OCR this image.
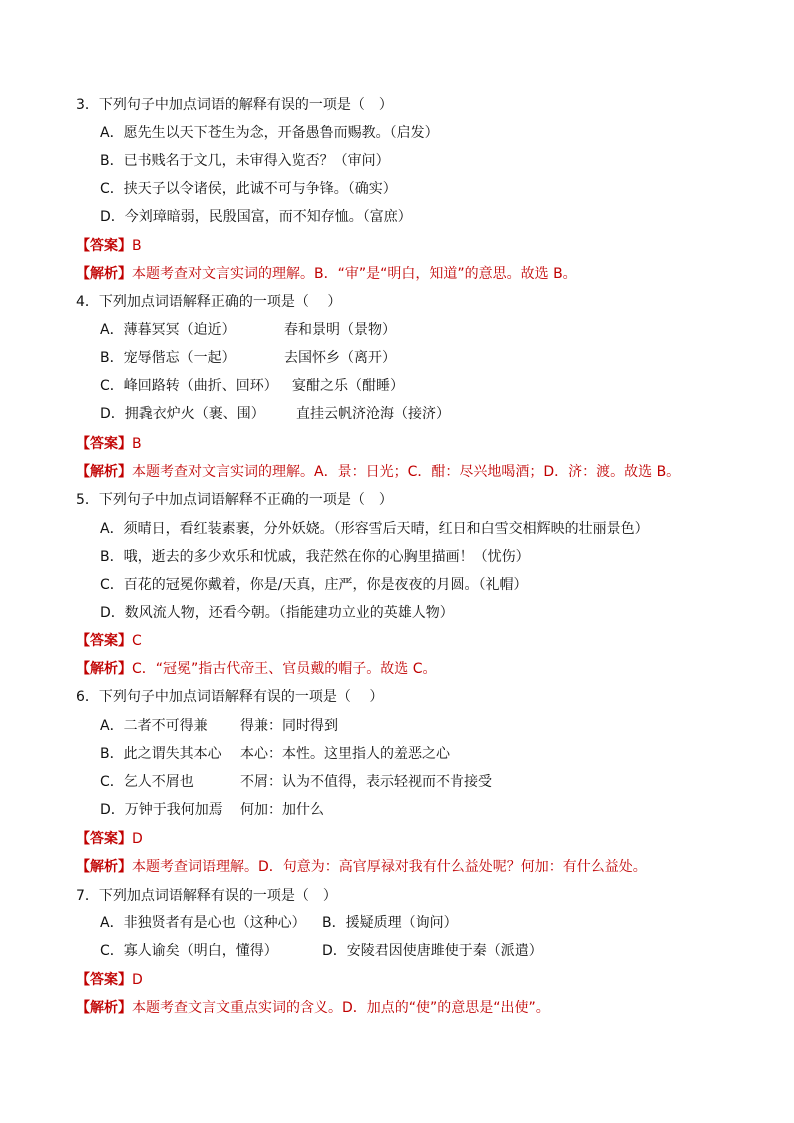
3．下列句子中加点词语的解释有误的一项是（　）
A．愿先生以天下苍生为念，开备愚鲁而赐教。（启发）
B．已书贱名于文几，未审得入览否？（审问）
C．挟天子以令诸侯，此诚不可与争锋。（确实）
D．今刘璋暗弱，民殷国富，而不知存恤。（富庶）
【答案】B
【解析】本题考查对文言实词的理解。B．“审”是“明白，知道”的意思。故选 B。
4．下列加点词语解释正确的一项是（　 ）
A．薄暮冥冥（迫近）	春和景明（景物）
B．宠辱偕忘（一起）	去国怀乡（离开）
C．峰回路转（曲折、回环） 宴酣之乐（酣睡）
D．拥毳衣炉火（裹、围） 直挂云帆济沧海（接济）
【答案】B
【解析】本题考查对文言实词的理解。A．景：日光；C．酣：尽兴地喝酒；D．济：渡。故选 B。
5．下列句子中加点词语解释不正确的一项是（　）
A．须晴日，看红装素裹，分外妖娆。（形容雪后天晴，红日和白雪交相辉映的壮丽景色）
B．哦，逝去的多少欢乐和忧戚，我茫然在你的心胸里描画！（忧伤）
C．百花的冠冕你戴着，你是/天真，庄严，你是夜夜的月圆。（礼帽）
D．数风流人物，还看今朝。（指能建功立业的英雄人物）
【答案】C
【解析】C．“冠冕”指古代帝王、官员戴的帽子。故选 C。
6．下列句子中加点词语解释有误的一项是（　 ）
A．二者不可得兼 得兼：同时得到
B．此之谓失其本心 本心：本性。这里指人的羞恶之心
C．乞人不屑也	不屑：认为不值得，表示轻视而不肯接受
D．万钟于我何加焉 何加：加什么
【答案】D
【解析】本题考查词语理解。D．句意为：高官厚禄对我有什么益处呢？何加：有什么益处。
7．下列加点词语解释有误的一项是（　）
A．非独贤者有是心也（这种心） B．援疑质理（询问）
C．寡人谕矣（明白，懂得）	D．安陵君因使唐雎使于秦（派遣）
【答案】D
【解析】本题考查文言文重点实词的含义。D．加点的“使”的意思是“出使”。
